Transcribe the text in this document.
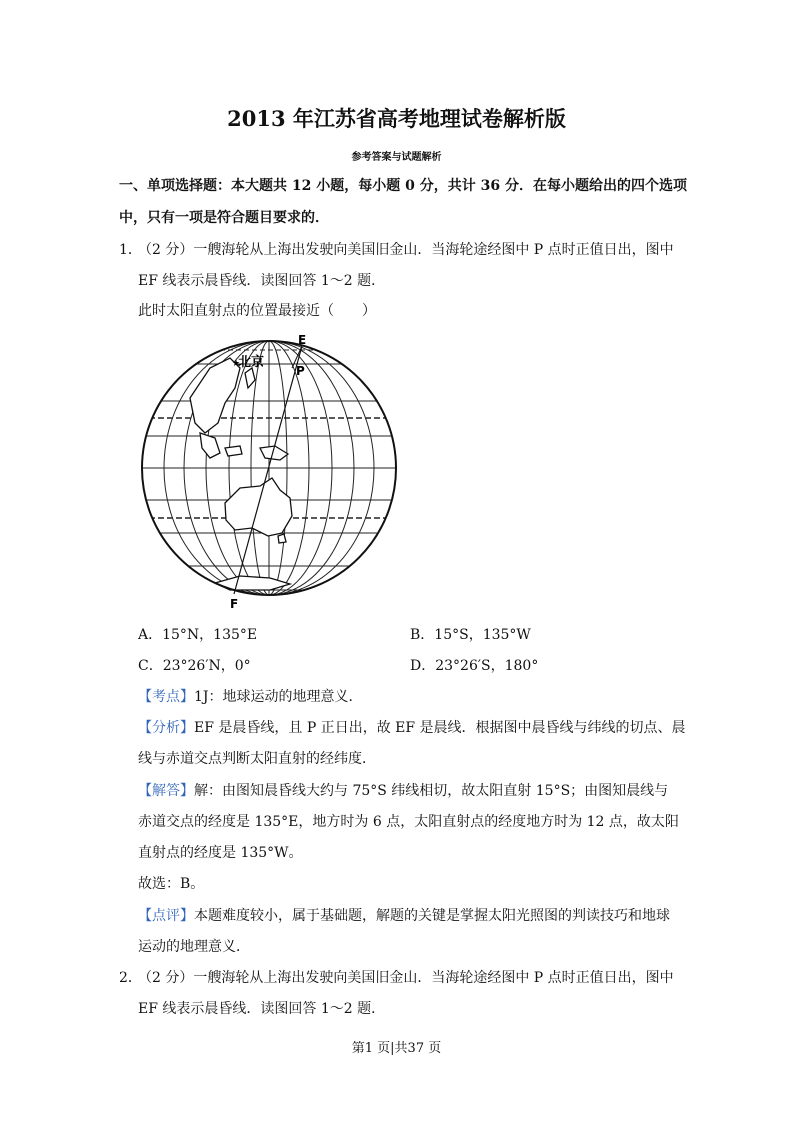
2013 年江苏省高考地理试卷解析版
参考答案与试题解析
一、单项选择题：本大题共 12 小题，每小题 0 分，共计 36 分．在每小题给出的四个选项
中，只有一项是符合题目要求的．
1．
（2 分）一艘海轮从上海出发驶向美国旧金山．当海轮途经图中 P 点时正值日出，图中
EF 线表示晨昏线．读图回答 1～2 题．
此时太阳直射点的位置最接近（　　）
E
P
F
北京
★
A．15°N，135°E	B．15°S，135°W
C．23°26′N，0°	D．23°26′S，180°
【考点】1J：地球运动的地理意义．
【分析】EF 是晨昏线，且 P 正日出，故 EF 是晨线．根据图中晨昏线与纬线的切点、晨
线与赤道交点判断太阳直射的经纬度．
【解答】解：由图知晨昏线大约与 75°S 纬线相切，故太阳直射 15°S；由图知晨线与
赤道交点的经度是 135°E，地方时为 6 点，太阳直射点的经度地方时为 12 点，故太阳
直射点的经度是 135°W。
故选：B。
【点评】本题难度较小，属于基础题，解题的关键是掌握太阳光照图的判读技巧和地球
运动的地理意义．
2．
（2 分）一艘海轮从上海出发驶向美国旧金山．当海轮途经图中 P 点时正值日出，图中
EF 线表示晨昏线．读图回答 1～2 题．
第1 页|共37 页
